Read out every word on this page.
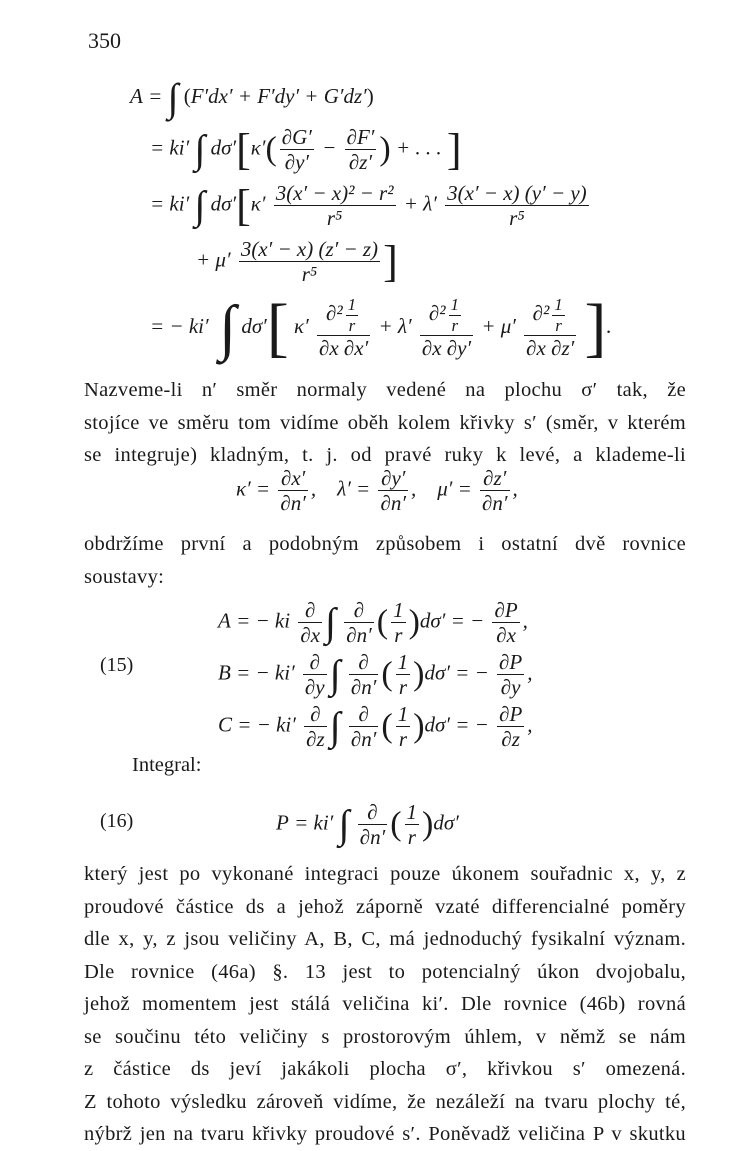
350
A = ∫ (F′dx′ + F′dy′ + G′dz′)
= ki′ ∫ $d\sigma'[\kappa'( \frac{\partial G'}{\partial y'} - \frac{\partial F'}{\partial z'}$ ) + . . . ]
= ki′ ∫ $d\sigma'[\kappa' \frac{\text{3(x′ − x)² − r²}}{\text{r⁵}} + \lambda' \frac{3(x' - x) (y' - y)}{\text{r⁵}}$
+ $\mu' \frac{3(x' - x) (z' - z)}{\text{r⁵}}$ ]
= − ki′  ∫ dσ′[ $\kappa' \frac{\partial^2 \frac{1}{r}}{\partial x \partial x'} + \lambda' \frac{\partial^2 \frac{1}{r}}{\partial x \partial y'} + \mu' \frac{\partial^2 \frac{1}{r}}{\partial x \partial z'}$ ].
Nazveme-li n′ směr normaly vedené na plochu σ′ tak, že
stojíce ve směru tom vidíme oběh kolem křivky s′ (směr, v kterém
se integruje) kladným, t. j. od pravé ruky k levé, a klademe-li
$\kappa' = \frac{\partial x'}{\partial n'}$ ,    $\lambda' = \frac{\partial y'}{\partial n'}$ ,    $\mu' = \frac{\partial z'}{\partial n'}$ ,
obdržíme první a podobným způsobem i ostatní dvě rovnice
soustavy:
(15)
A = − ki $\frac{\partial}{\partial x}$ ∫ $\frac{\partial}{\partial n'}$ ( $\frac{1}{r} )d\sigma'$ = − $\frac{\partial P}{\partial x}$ ,
B = − $ki' \frac{\partial}{\partial y}$ ∫ $\frac{\partial}{\partial n'}$ ( $\frac{1}{r} )d\sigma'$ = − $\frac{\partial P}{\partial y}$ ,
C = − $ki' \frac{\partial}{\partial z}$ ∫ $\frac{\partial}{\partial n'}$ ( $\frac{1}{r} )d\sigma'$ = − $\frac{\partial P}{\partial z}$ ,
Integral:
(16)	P = ki′ ∫ $\frac{\partial}{\partial n'}$ ( $\frac{1}{r} )d\sigma'$
který jest po vykonané integraci pouze úkonem souřadnic x, y, z
proudové částice ds a jehož záporně vzaté differencialné poměry
dle x, y, z jsou veličiny A, B, C, má jednoduchý fysikalní význam.
Dle rovnice (46a) §. 13 jest to potencialný úkon dvojobalu,
jehož momentem jest stálá veličina ki′. Dle rovnice (46b) rovná
se součinu této veličiny s prostorovým úhlem, v němž se nám
z částice ds jeví jakákoli plocha σ′, křivkou s′ omezená.
Z tohoto výsledku zároveň vidíme, že nezáleží na tvaru plochy té,
nýbrž jen na tvaru křivky proudové s′. Poněvadž veličina P v skutku
